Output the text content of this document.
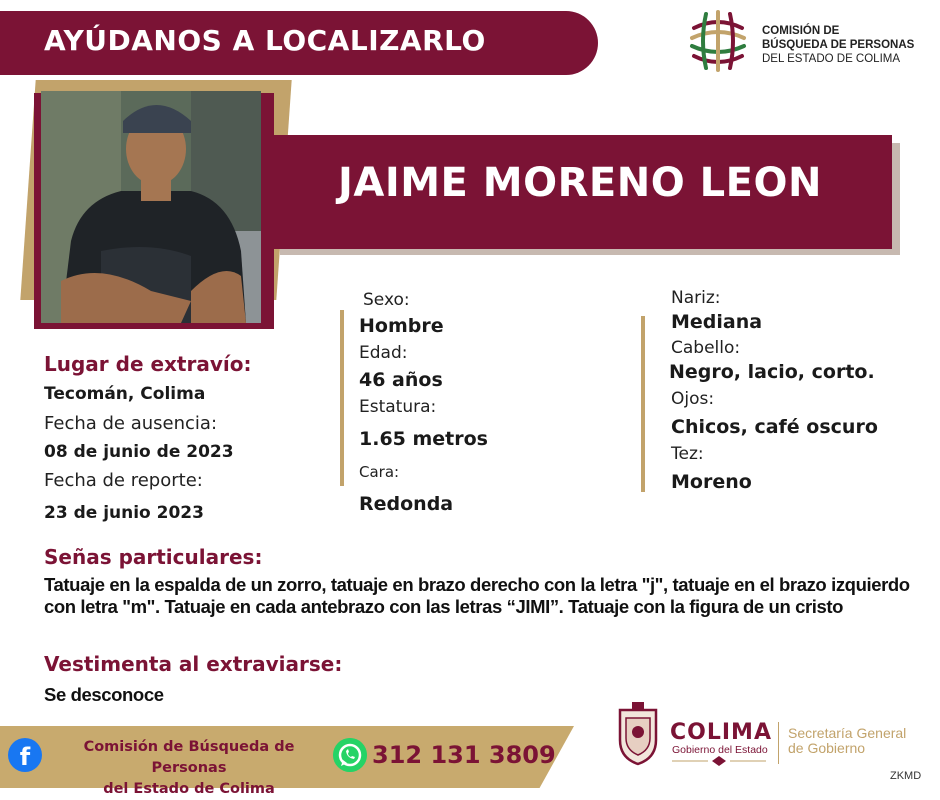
AYÚDANOS A LOCALIZARLO	COMISIÓN DE
BÚSQUEDA DE PERSONAS
DEL ESTADO DE COLIMA
JAIME MORENO LEON
Lugar de extravío:
Tecomán, Colima
Fecha de ausencia:
08 de junio de 2023
Fecha de reporte:
23 de junio 2023
Sexo:
Hombre
Edad:
46 años
Estatura:
1.65 metros
Cara:
Redonda
Nariz:
Mediana
Cabello:
Negro, lacio, corto.
Ojos:
Chicos, café oscuro
Tez:
Moreno
Señas particulares:
Tatuaje en la espalda de un zorro, tatuaje en brazo derecho con la letra "j", tatuaje en el brazo izquierdo con letra "m". Tatuaje en cada antebrazo con las letras “JIMI”. Tatuaje con la figura de un cristo
Vestimenta al extraviarse:
Se desconoce
f	Comisión de Búsqueda de Personas
del Estado de Colima
312 131 3809
COLIMA
Gobierno del Estado
Secretaría General
de Gobierno
ZKMD
